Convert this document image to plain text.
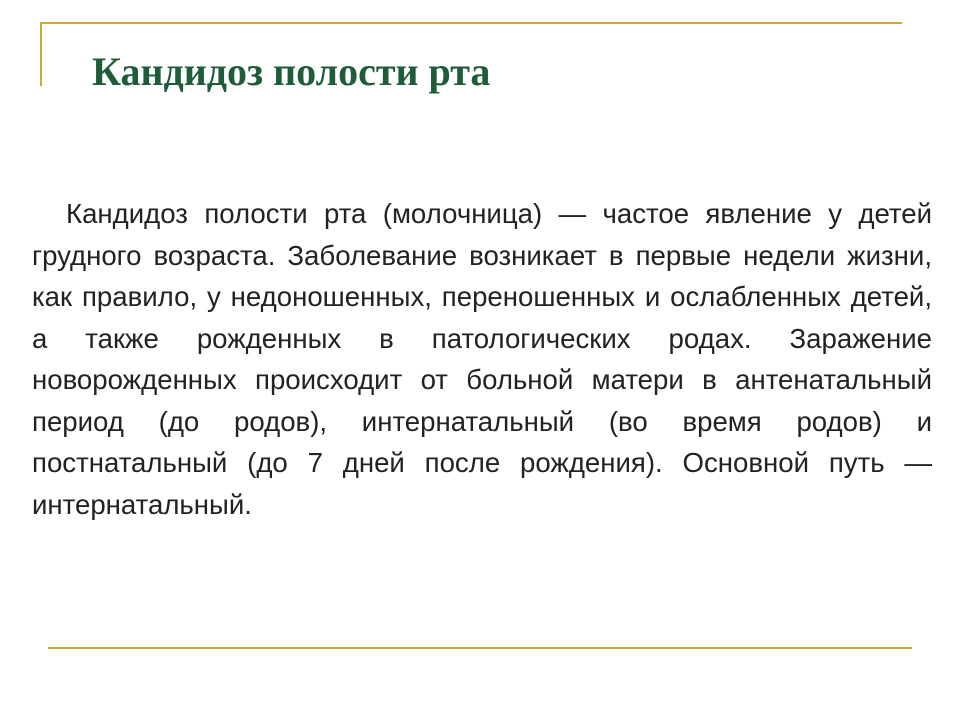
Кандидоз полости рта

Кандидоз полости рта (молочница) — частое явление у детей грудного возраста. Заболевание возникает в первые недели жизни, как правило, у недоношенных, переношенных и ослабленных детей, а также рожденных в патологических родах. Заражение новорожденных происходит от больной матери в антенатальный период (до родов), интернатальный (во время родов) и постнатальный (до 7 дней после рождения). Основной путь — интернатальный.
